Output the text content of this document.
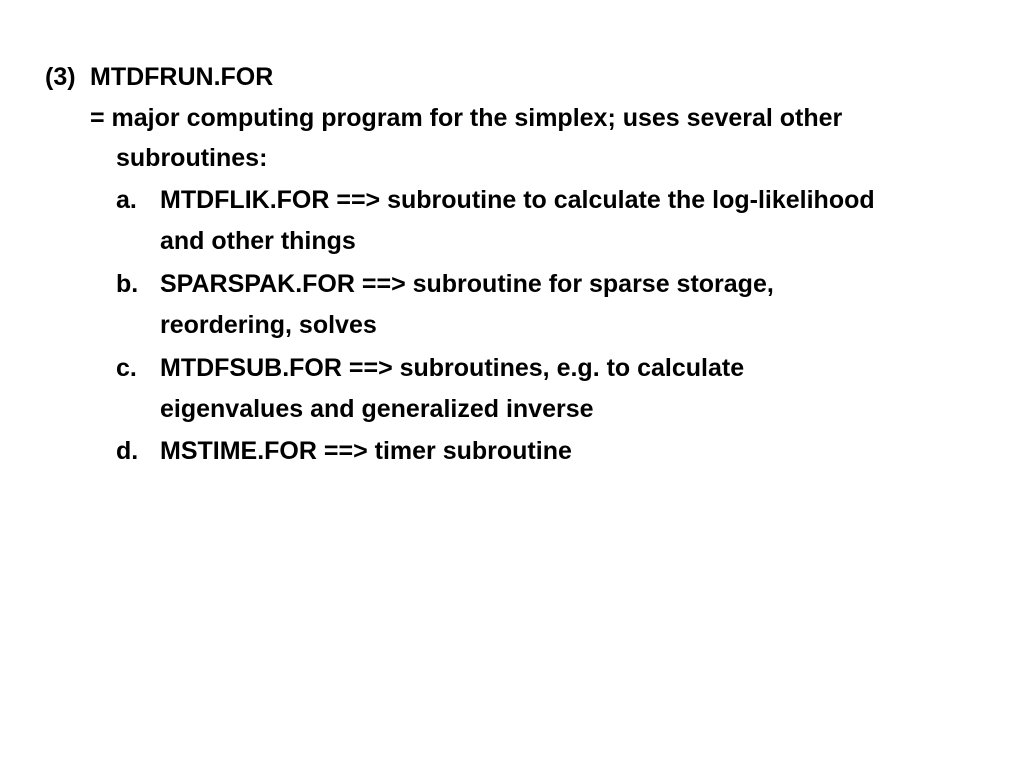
(3) MTDFRUN.FOR
= major computing program for the simplex; uses several other
subroutines:
a. MTDFLIK.FOR ==> subroutine to calculate the log-likelihood
and other things
b. SPARSPAK.FOR ==> subroutine for sparse storage,
reordering, solves
c. MTDFSUB.FOR ==> subroutines, e.g. to calculate
eigenvalues and generalized inverse
d. MSTIME.FOR ==> timer subroutine
